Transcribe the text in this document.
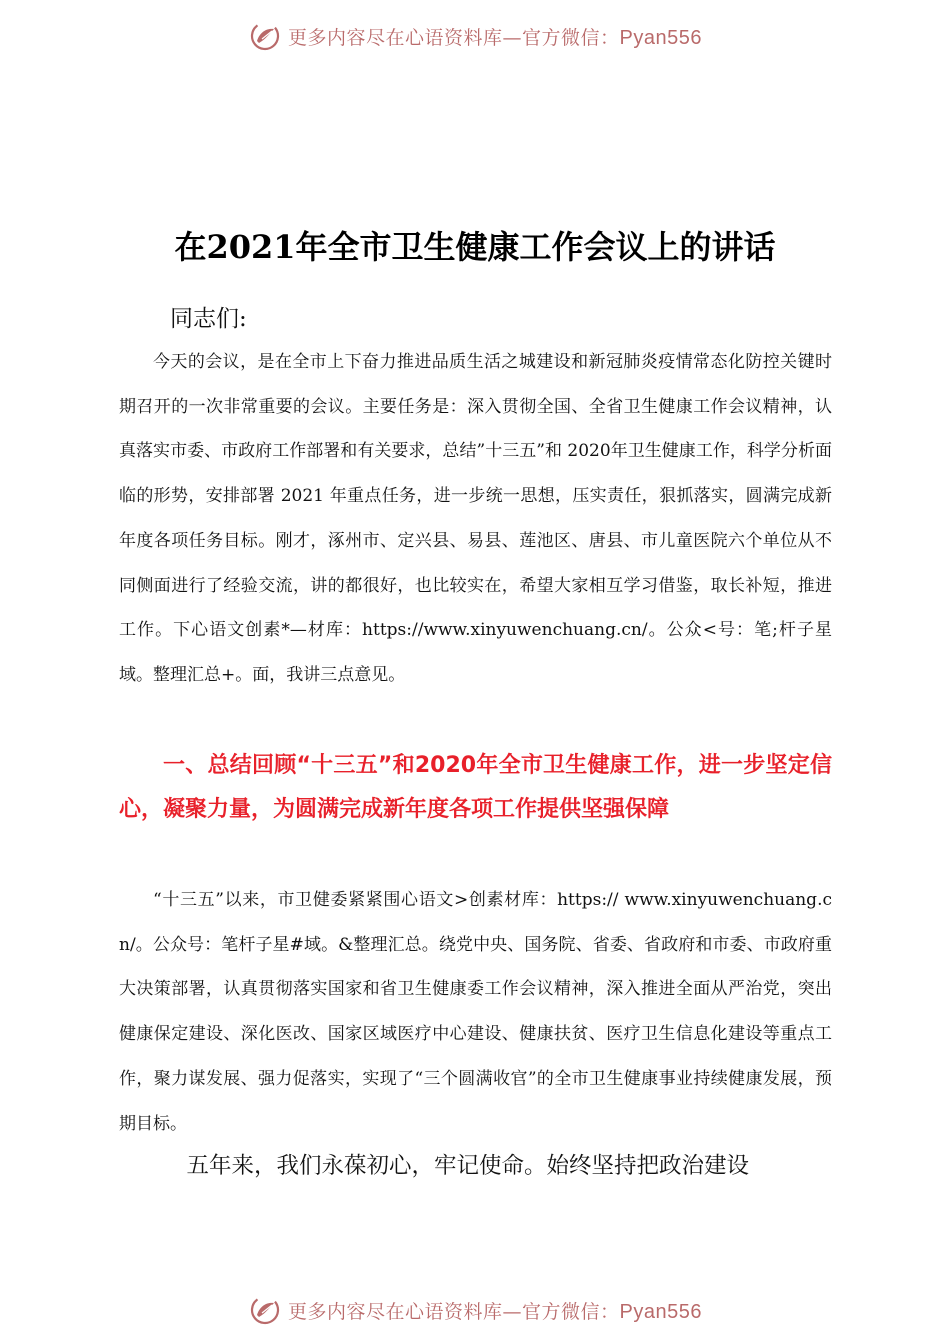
更多内容尽在心语资料库—官方微信：Pyan556
在2021年全市卫生健康工作会议上的讲话

同志们:

今天的会议，是在全市上下奋力推进品质生活之城建设和新冠肺炎疫情常态化防控关键时期召开的一次非常重要的会议。主要任务是：深入贯彻全国、全省卫生健康工作会议精神，认真落实市委、市政府工作部署和有关要求，总结”十三五”和 2020年卫生健康工作，科学分析面临的形势，安排部署 2021 年重点任务，进一步统一思想，压实责任，狠抓落实，圆满完成新年度各项任务目标。刚才，涿州市、定兴县、易县、莲池区、唐县、市儿童医院六个单位从不同侧面进行了经验交流，讲的都很好，也比较实在，希望大家相互学习借鉴，取长补短，推进工作。下心语文创素*—材库：https://www.xinyuwenchuang.cn/。公众<号：笔;杆子星域。整理汇总+。面，我讲三点意见。

一、总结回顾“十三五”和2020年全市卫生健康工作，进一步坚定信心，凝聚力量，为圆满完成新年度各项工作提供坚强保障

“十三五”以来，市卫健委紧紧围心语文>创素材库：https:// www.xinyuwenchuang.cn/。公众号：笔杆子星#域。&整理汇总。绕党中央、国务院、省委、省政府和市委、市政府重大决策部署，认真贯彻落实国家和省卫生健康委工作会议精神，深入推进全面从严治党，突出健康保定建设、深化医改、国家区域医疗中心建设、健康扶贫、医疗卫生信息化建设等重点工作，聚力谋发展、强力促落实，实现了“三个圆满收官”的全市卫生健康事业持续健康发展，预期目标。

五年来，我们永葆初心，牢记使命。始终坚持把政治建设

更多内容尽在心语资料库—官方微信：Pyan556
